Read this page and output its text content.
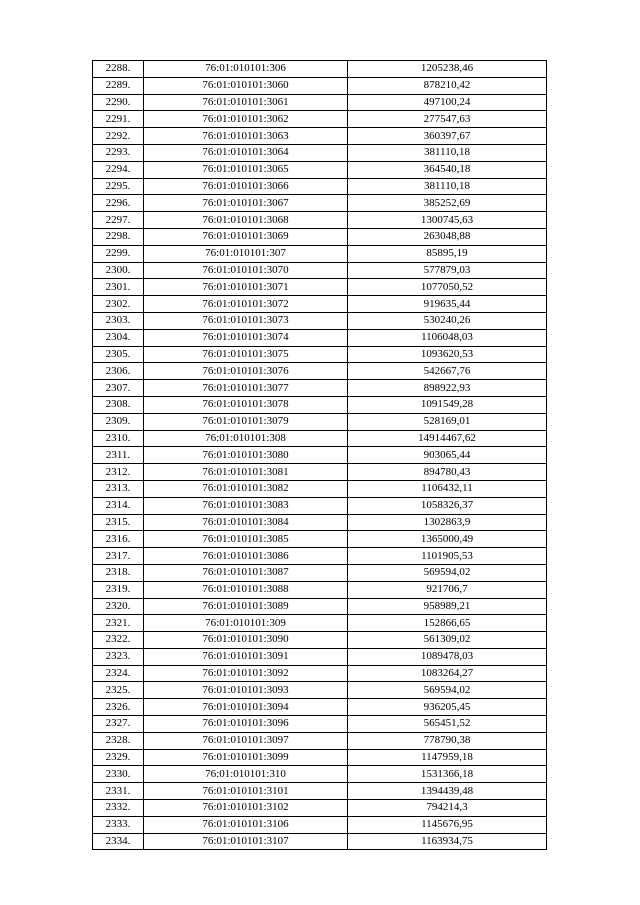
2288.	76:01:010101:306	1205238,46
2289.	76:01:010101:3060	878210,42
2290.	76:01:010101:3061	497100,24
2291.	76:01:010101:3062	277547,63
2292.	76:01:010101:3063	360397,67
2293.	76:01:010101:3064	381110,18
2294.	76:01:010101:3065	364540,18
2295.	76:01:010101:3066	381110,18
2296.	76:01:010101:3067	385252,69
2297.	76:01:010101:3068	1300745,63
2298.	76:01:010101:3069	263048,88
2299.	76:01:010101:307	85895,19
2300.	76:01:010101:3070	577879,03
2301.	76:01:010101:3071	1077050,52
2302.	76:01:010101:3072	919635,44
2303.	76:01:010101:3073	530240,26
2304.	76:01:010101:3074	1106048,03
2305.	76:01:010101:3075	1093620,53
2306.	76:01:010101:3076	542667,76
2307.	76:01:010101:3077	898922,93
2308.	76:01:010101:3078	1091549,28
2309.	76:01:010101:3079	528169,01
2310.	76:01:010101:308	14914467,62
2311.	76:01:010101:3080	903065,44
2312.	76:01:010101:3081	894780,43
2313.	76:01:010101:3082	1106432,11
2314.	76:01:010101:3083	1058326,37
2315.	76:01:010101:3084	1302863,9
2316.	76:01:010101:3085	1365000,49
2317.	76:01:010101:3086	1101905,53
2318.	76:01:010101:3087	569594,02
2319.	76:01:010101:3088	921706,7
2320.	76:01:010101:3089	958989,21
2321.	76:01:010101:309	152866,65
2322.	76:01:010101:3090	561309,02
2323.	76:01:010101:3091	1089478,03
2324.	76:01:010101:3092	1083264,27
2325.	76:01:010101:3093	569594,02
2326.	76:01:010101:3094	936205,45
2327.	76:01:010101:3096	565451,52
2328.	76:01:010101:3097	778790,38
2329.	76:01:010101:3099	1147959,18
2330.	76:01:010101:310	1531366,18
2331.	76:01:010101:3101	1394439,48
2332.	76:01:010101:3102	794214,3
2333.	76:01:010101:3106	1145676,95
2334.	76:01:010101:3107	1163934,75
